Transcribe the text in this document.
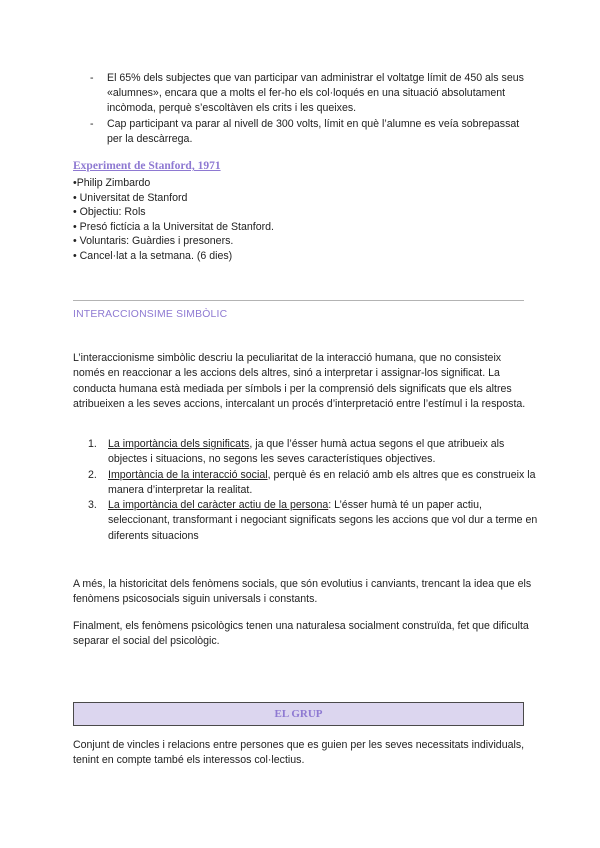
- El 65% dels subjectes que van participar van administrar el voltatge límit de 450 als seus «alumnes», encara que a molts el fer-ho els col·loqués en una situació absolutament incòmoda, perquè s’escoltàven els crits i les queixes.
- Cap participant va parar al nivell de 300 volts, límit en què l’alumne es veía sobrepassat per la descàrrega.
Experiment de Stanford, 1971
•Philip Zimbardo
• Universitat de Stanford
• Objectiu: Rols
• Presó fictícia a la Universitat de Stanford.
• Voluntaris: Guàrdies i presoners.
• Cancel·lat a la setmana. (6 dies)
INTERACCIONSIME SIMBÒLIC

L’interaccionisme simbòlic descriu la peculiaritat de la interacció humana, que no consisteix només en reaccionar a les accions dels altres, sinó a interpretar i assignar-los significat. La conducta humana està mediada per símbols i per la comprensió dels significats que els altres atribueixen a les seves accions, intercalant un procés d’interpretació entre l’estímul i la resposta.

1. La importància dels significats, ja que l’ésser humà actua segons el que atribueix als objectes i situacions, no segons les seves característiques objectives.
2. Importància de la interacció social, perquè és en relació amb els altres que es construeix la manera d’interpretar la realitat.
3. La importància del caràcter actiu de la persona: L’ésser humà té un paper actiu, seleccionant, transformant i negociant significats segons les accions que vol dur a terme en diferents situacions

A més, la historicitat dels fenòmens socials, que són evolutius i canviants, trencant la idea que els fenòmens psicosocials siguin universals i constants.

Finalment, els fenòmens psicològics tenen una naturalesa socialment construïda, fet que dificulta separar el social del psicològic.

EL GRUP

Conjunt de vincles i relacions entre persones que es guien per les seves necessitats individuals, tenint en compte també els interessos col·lectius.
